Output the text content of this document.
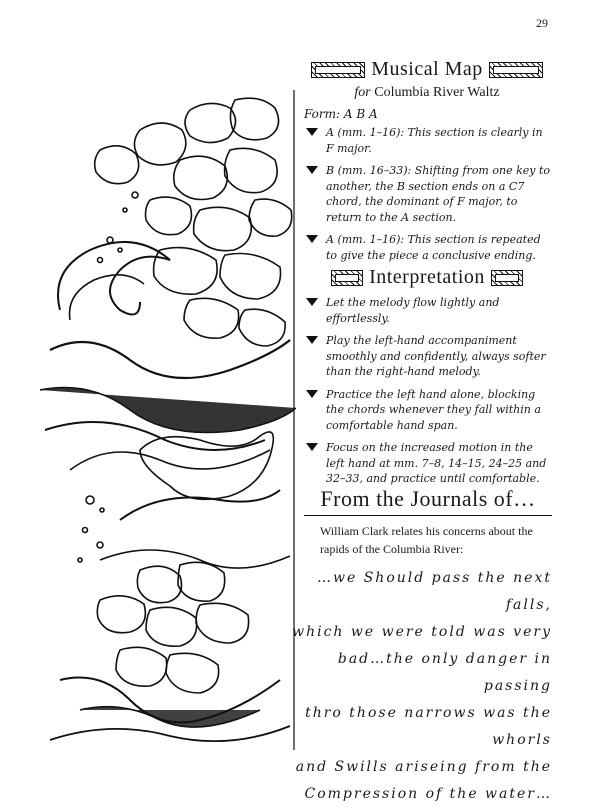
29
Musical Map
for Columbia River Waltz
Form: A B A
A (mm. 1–16): This section is clearly in F major.
B (mm. 16–33): Shifting from one key to another, the B section ends on a C7 chord, the dominant of F major, to return to the A section.
A (mm. 1–16): This section is repeated to give the piece a conclusive ending.
Interpretation
Let the melody flow lightly and effortlessly.
Play the left-hand accompaniment smoothly and confidently, always softer than the right-hand melody.
Practice the left hand alone, blocking the chords whenever they fall within a comfortable hand span.
Focus on the increased motion in the left hand at mm. 7–8, 14–15, 24–25 and 32–33, and practice until comfortable.
From the Journals of…
William Clark relates his concerns about the rapids of the Columbia River:
…we Should pass the next falls,
which we were told was very
bad…the only danger in passing
thro those narrows was the whorls
and Swills ariseing from the
Compression of the water…
